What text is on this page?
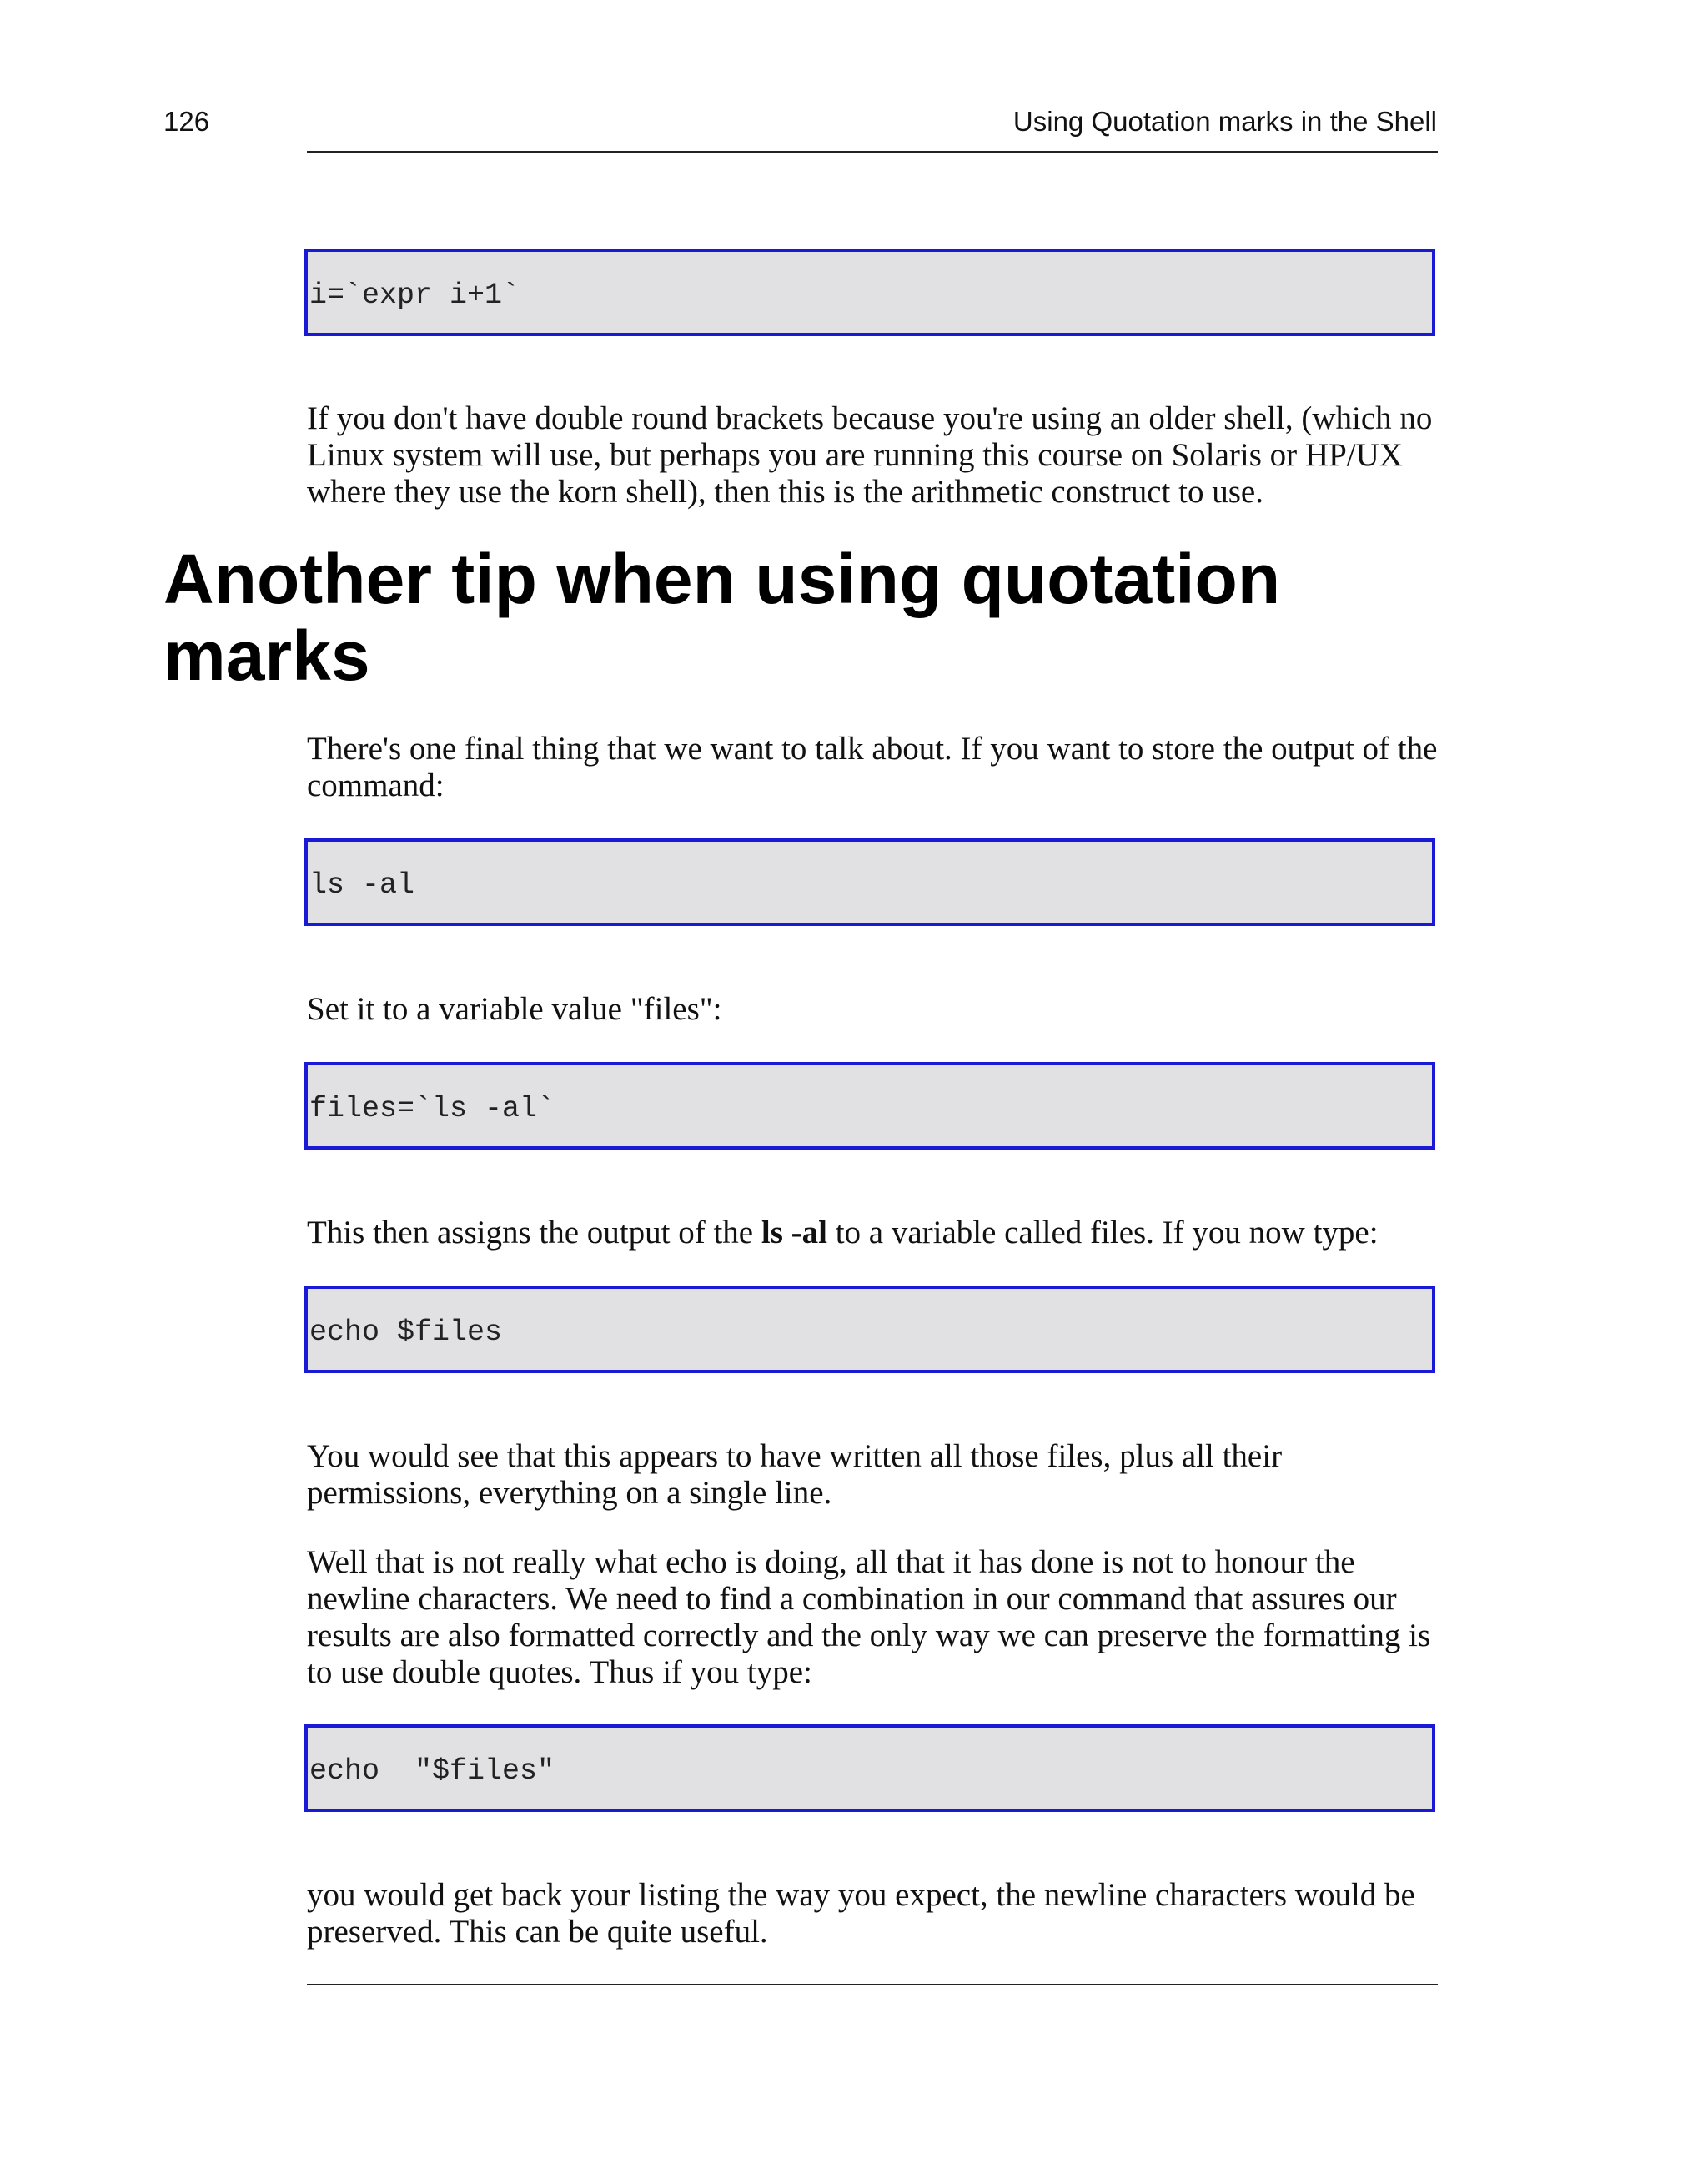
126	Using Quotation marks in the Shell
i=`expr i+1`
If you don't have double round brackets because you're using an older shell, (which no Linux system will use, but perhaps you are running this course on Solaris or HP/UX where they use the korn shell), then this is the arithmetic construct to use.
Another tip when using quotation
marks
There's one final thing that we want to talk about. If you want to store the output of the command:
ls -al
Set it to a variable value "files":
files=`ls -al`
This then assigns the output of the ls -al to a variable called files. If you now type:
echo $files
You would see that this appears to have written all those files, plus all their permissions, everything on a single line.
Well that is not really what echo is doing, all that it has done is not to honour the newline characters. We need to find a combination in our command that assures our results are also formatted correctly and the only way we can preserve the formatting is to use double quotes. Thus if you type:
echo  "$files"
you would get back your listing the way you expect, the newline characters would be preserved. This can be quite useful.
